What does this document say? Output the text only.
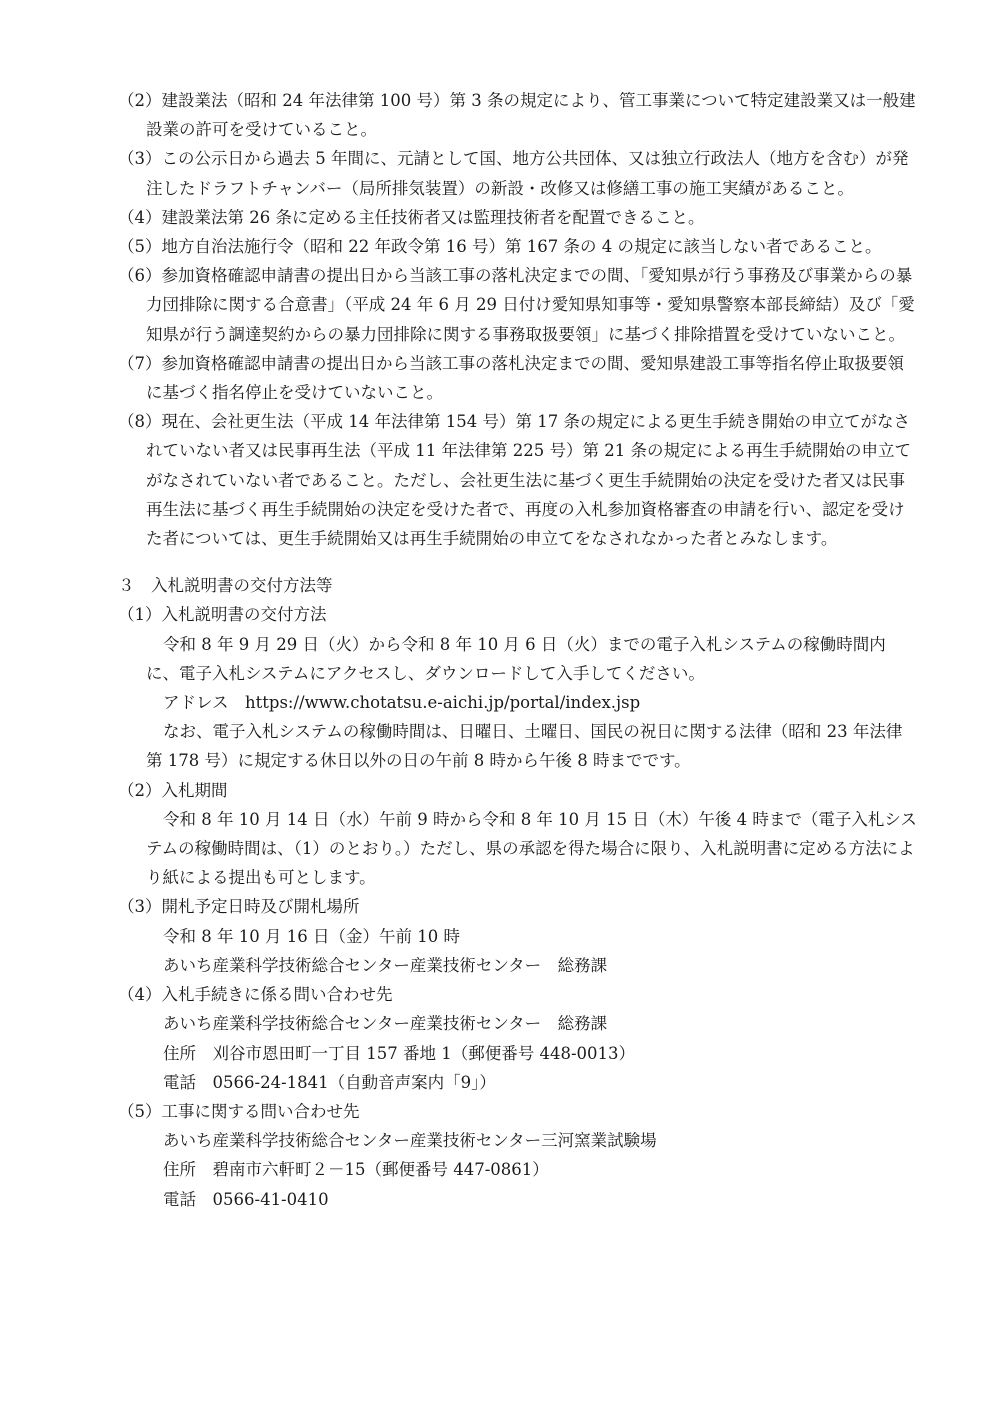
（2）建設業法（昭和 24 年法律第 100 号）第 3 条の規定により、管工事業について特定建設業又は一般建設業の許可を受けていること。

（3）この公示日から過去 5 年間に、元請として国、地方公共団体、又は独立行政法人（地方を含む）が発注したドラフトチャンバー（局所排気装置）の新設・改修又は修繕工事の施工実績があること。

（4）建設業法第 26 条に定める主任技術者又は監理技術者を配置できること。

（5）地方自治法施行令（昭和 22 年政令第 16 号）第 167 条の 4 の規定に該当しない者であること。

（6）参加資格確認申請書の提出日から当該工事の落札決定までの間、「愛知県が行う事務及び事業からの暴力団排除に関する合意書」（平成 24 年 6 月 29 日付け愛知県知事等・愛知県警察本部長締結）及び「愛知県が行う調達契約からの暴力団排除に関する事務取扱要領」に基づく排除措置を受けていないこと。

（7）参加資格確認申請書の提出日から当該工事の落札決定までの間、愛知県建設工事等指名停止取扱要領に基づく指名停止を受けていないこと。

（8）現在、会社更生法（平成 14 年法律第 154 号）第 17 条の規定による更生手続き開始の申立てがなされていない者又は民事再生法（平成 11 年法律第 225 号）第 21 条の規定による再生手続開始の申立てがなされていない者であること。ただし、会社更生法に基づく更生手続開始の決定を受けた者又は民事再生法に基づく再生手続開始の決定を受けた者で、再度の入札参加資格審査の申請を行い、認定を受けた者については、更生手続開始又は再生手続開始の申立てをなされなかった者とみなします。

３　入札説明書の交付方法等

（1）入札説明書の交付方法

令和 8 年 9 月 29 日（火）から令和 8 年 10 月 6 日（火）までの電子入札システムの稼働時間内に、電子入札システムにアクセスし、ダウンロードして入手してください。

アドレス　https://www.chotatsu.e-aichi.jp/portal/index.jsp

なお、電子入札システムの稼働時間は、日曜日、土曜日、国民の祝日に関する法律（昭和 23 年法律第 178 号）に規定する休日以外の日の午前 8 時から午後 8 時までです。

（2）入札期間

令和 8 年 10 月 14 日（水）午前 9 時から令和 8 年 10 月 15 日（木）午後 4 時まで（電子入札システムの稼働時間は、（1）のとおり。）ただし、県の承認を得た場合に限り、入札説明書に定める方法により紙による提出も可とします。

（3）開札予定日時及び開札場所

令和 8 年 10 月 16 日（金）午前 10 時

あいち産業科学技術総合センター産業技術センター　総務課

（4）入札手続きに係る問い合わせ先

あいち産業科学技術総合センター産業技術センター　総務課

住所　刈谷市恩田町一丁目 157 番地 1（郵便番号 448-0013）

電話　0566-24-1841（自動音声案内「9」）

（5）工事に関する問い合わせ先

あいち産業科学技術総合センター産業技術センター三河窯業試験場

住所　碧南市六軒町２－15（郵便番号 447-0861）

電話　0566-41-0410
